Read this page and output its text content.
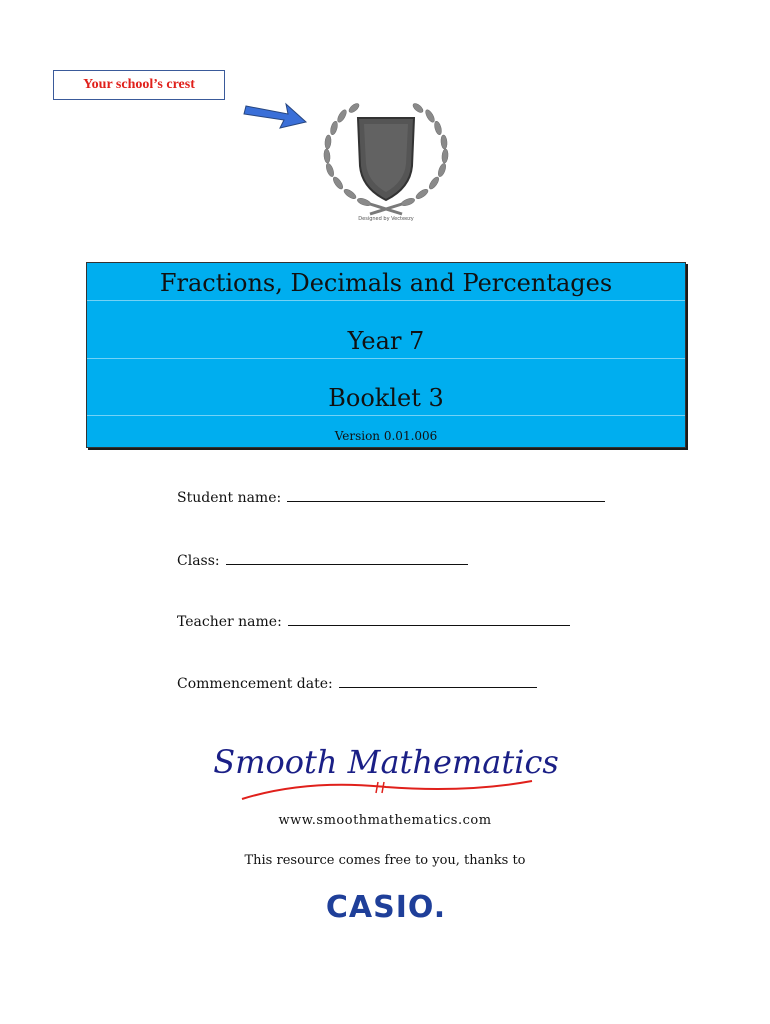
Your school’s crest
Designed by Vecteezy
Fractions, Decimals and Percentages
Year 7
Booklet 3
Version 0.01.006
Student name:
Class:
Teacher name:
Commencement date:
Smooth Mathematics
www.smoothmathematics.com
This resource comes free to you, thanks to
CASIO.
